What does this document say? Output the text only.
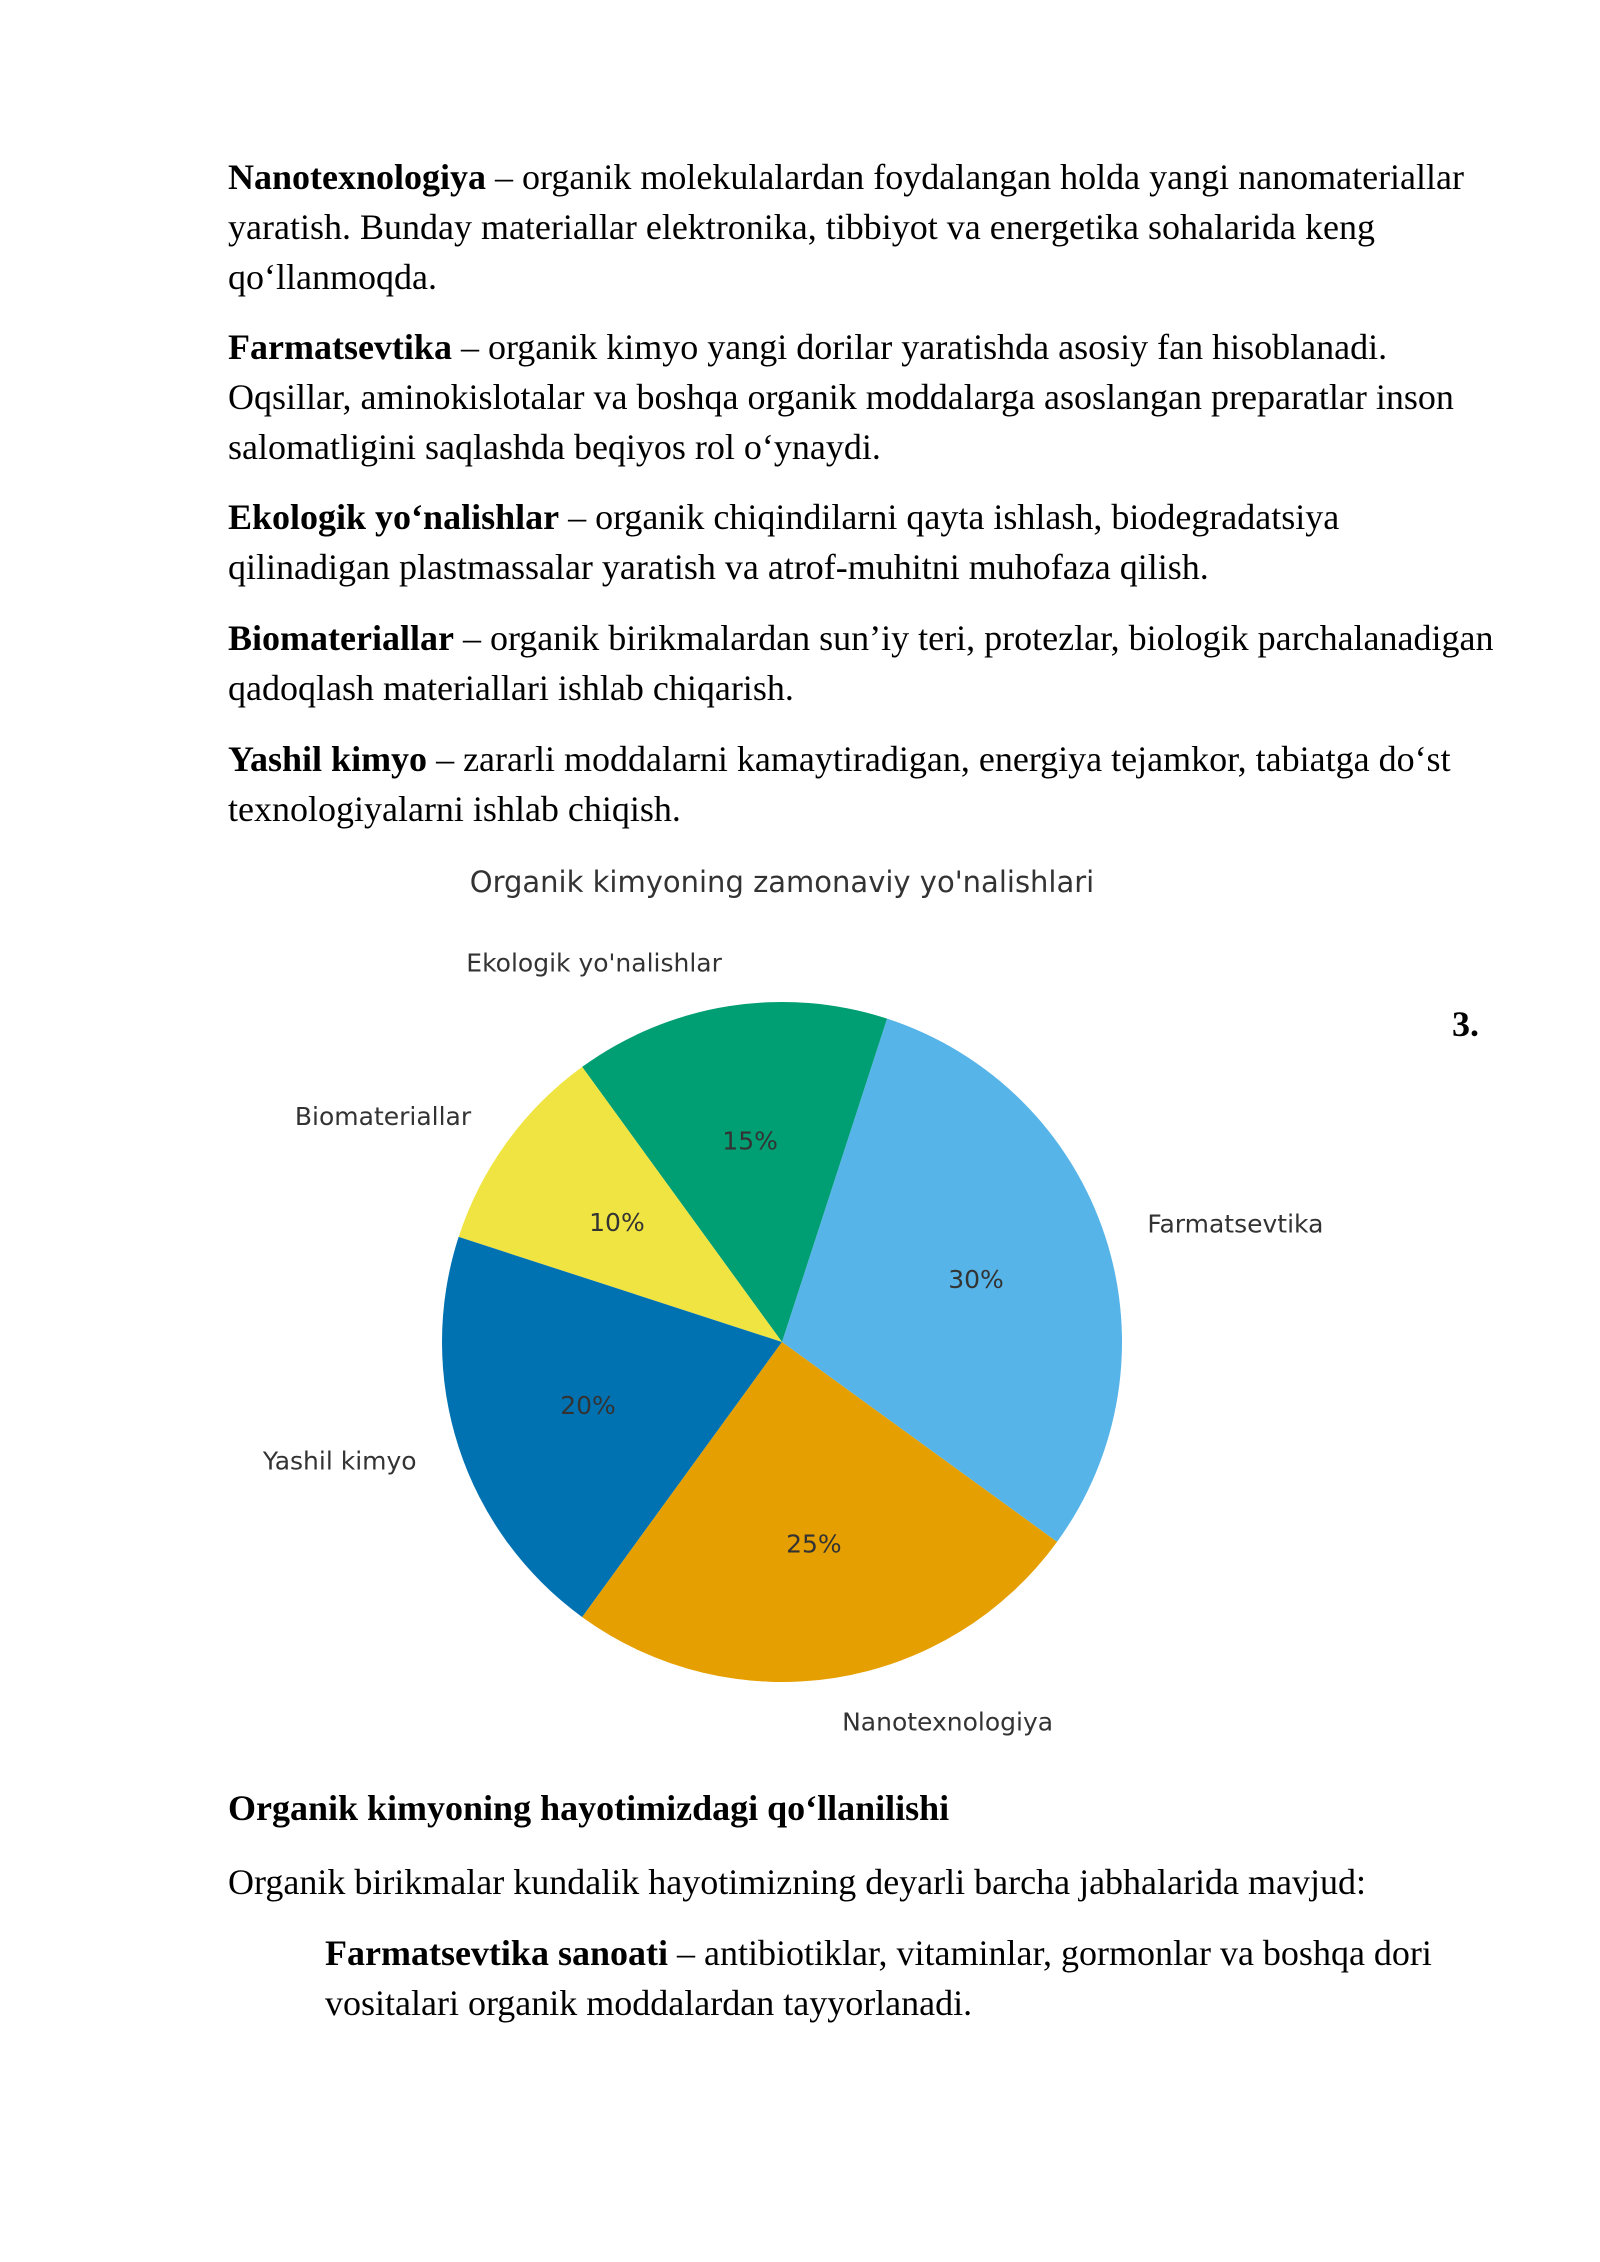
Nanotexnologiya – organik molekulalardan foydalangan holda yangi nanomateriallar yaratish. Bunday materiallar elektronika, tibbiyot va energetika sohalarida keng qo‘llanmoqda.

Farmatsevtika – organik kimyo yangi dorilar yaratishda asosiy fan hisoblanadi. Oqsillar, aminokislotalar va boshqa organik moddalarga asoslangan preparatlar inson salomatligini saqlashda beqiyos rol o‘ynaydi.

Ekologik yo‘nalishlar – organik chiqindilarni qayta ishlash, biodegradatsiya qilinadigan plastmassalar yaratish va atrof-muhitni muhofaza qilish.

Biomateriallar – organik birikmalardan sun’iy teri, protezlar, biologik parchalanadigan qadoqlash materiallari ishlab chiqarish.

Yashil kimyo – zararli moddalarni kamaytiradigan, energiya tejamkor, tabiatga do‘st texnologiyalarni ishlab chiqish.

Organik kimyoning zamonaviy yo'nalishlari
30%
Farmatsevtika
15%
Ekologik yo'nalishlar
10%
Biomateriallar
20%
Yashil kimyo
25%
Nanotexnologiya
3.
Organik kimyoning hayotimizdagi qo‘llanilishi

Organik birikmalar kundalik hayotimizning deyarli barcha jabhalarida mavjud:

Farmatsevtika sanoati – antibiotiklar, vitaminlar, gormonlar va boshqa dori vositalari organik moddalardan tayyorlanadi.
